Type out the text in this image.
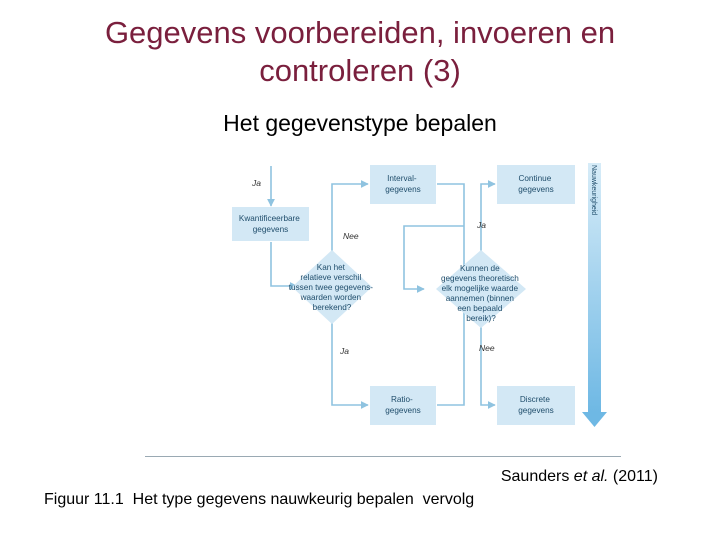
Gegevens voorbereiden, invoeren en
controleren (3)
Het gegevenstype bepalen
Kwantificeerbare gegevens
Kan het relatieve verschil tussen twee gegevens- waarden worden berekend?
Interval- gegevens
Ratio- gegevens
Kunnen de gegevens theoretisch elk mogelijke waarde aannemen (binnen een bepaald bereik)?
Continue gegevens
Discrete gegevens
Ja
Nee
Ja
Ja
Nee
Nauwkeurigheid
Saunders et al. (2011)
Figuur 11.1  Het type gegevens nauwkeurig bepalen  vervolg
